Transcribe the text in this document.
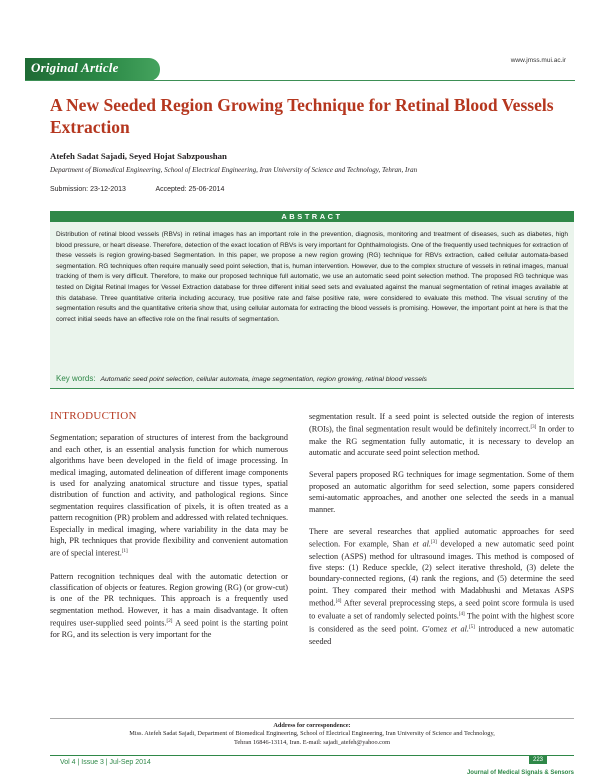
www.jmss.mui.ac.ir
Original Article
A New Seeded Region Growing Technique for Retinal Blood Vessels Extraction
Atefeh Sadat Sajadi, Seyed Hojat Sabzpoushan
Department of Biomedical Engineering, School of Electrical Engineering, Iran University of Science and Technology, Tehran, Iran
Submission: 23-12-2013	Accepted: 25-06-2014
ABSTRACT

Distribution of retinal blood vessels (RBVs) in retinal images has an important role in the prevention, diagnosis, monitoring and treatment of diseases, such as diabetes, high blood pressure, or heart disease. Therefore, detection of the exact location of RBVs is very important for Ophthalmologists. One of the frequently used techniques for extraction of these vessels is region growing-based Segmentation. In this paper, we propose a new region growing (RG) technique for RBVs extraction, called cellular automata-based segmentation. RG techniques often require manually seed point selection, that is, human intervention. However, due to the complex structure of vessels in retinal images, manual tracking of them is very difficult. Therefore, to make our proposed technique full automatic, we use an automatic seed point selection method. The proposed RG technique was tested on Digital Retinal Images for Vessel Extraction database for three different initial seed sets and evaluated against the manual segmentation of retinal images available at this database. Three quantitative criteria including accuracy, true positive rate and false positive rate, were considered to evaluate this method. The visual scrutiny of the segmentation results and the quantitative criteria show that, using cellular automata for extracting the blood vessels is promising. However, the important point at here is that the correct initial seeds have an effective role on the final results of segmentation.

Key words: Automatic seed point selection, cellular automata, image segmentation, region growing, retinal blood vessels
INTRODUCTION

Segmentation; separation of structures of interest from the background and each other, is an essential analysis function for which numerous algorithms have been developed in the field of image processing. In medical imaging, automated delineation of different image components is used for analyzing anatomical structure and tissue types, spatial distribution of function and activity, and pathological regions. Since segmentation requires classification of pixels, it is often treated as a pattern recognition (PR) problem and addressed with related techniques. Especially in medical imaging, where variability in the data may be high, PR techniques that provide flexibility and convenient automation are of special interest.[1]

Pattern recognition techniques deal with the automatic detection or classification of objects or features. Region growing (RG) (or grow-cut) is one of the PR techniques. This approach is a frequently used segmentation method. However, it has a main disadvantage. It often requires user-supplied seed points.[2] A seed point is the starting point for RG, and its selection is very important for the

segmentation result. If a seed point is selected outside the region of interests (ROIs), the final segmentation result would be definitely incorrect.[3] In order to make the RG segmentation fully automatic, it is necessary to develop an automatic and accurate seed point selection method.

Several papers proposed RG techniques for image segmentation. Some of them proposed an automatic algorithm for seed selection, some papers considered semi-automatic approaches, and another one selected the seeds in a manual manner.

There are several researches that applied automatic approaches for seed selection. For example, Shan et al.[3] developed a new automatic seed point selection (ASPS) method for ultrasound images. This method is composed of five steps: (1) Reduce speckle, (2) select iterative threshold, (3) delete the boundary-connected regions, (4) rank the regions, and (5) determine the seed point. They compared their method with Madabhushi and Metaxas ASPS method.[4] After several preprocessing steps, a seed point score formula is used to evaluate a set of randomly selected points.[4] The point with the highest score is considered as the seed point. G'omez et al.[5] introduced a new automatic seeded

Address for correspondence:
Miss. Atefeh Sadat Sajadi, Department of Biomedical Engineering, School of Electrical Engineering, Iran University of Science and Technology,
Tehran 16846-13114, Iran. E-mail: sajadi_atefeh@yahoo.com
Vol 4 | Issue 3 | Jul-Sep 2014	223
Journal of Medical Signals & Sensors
